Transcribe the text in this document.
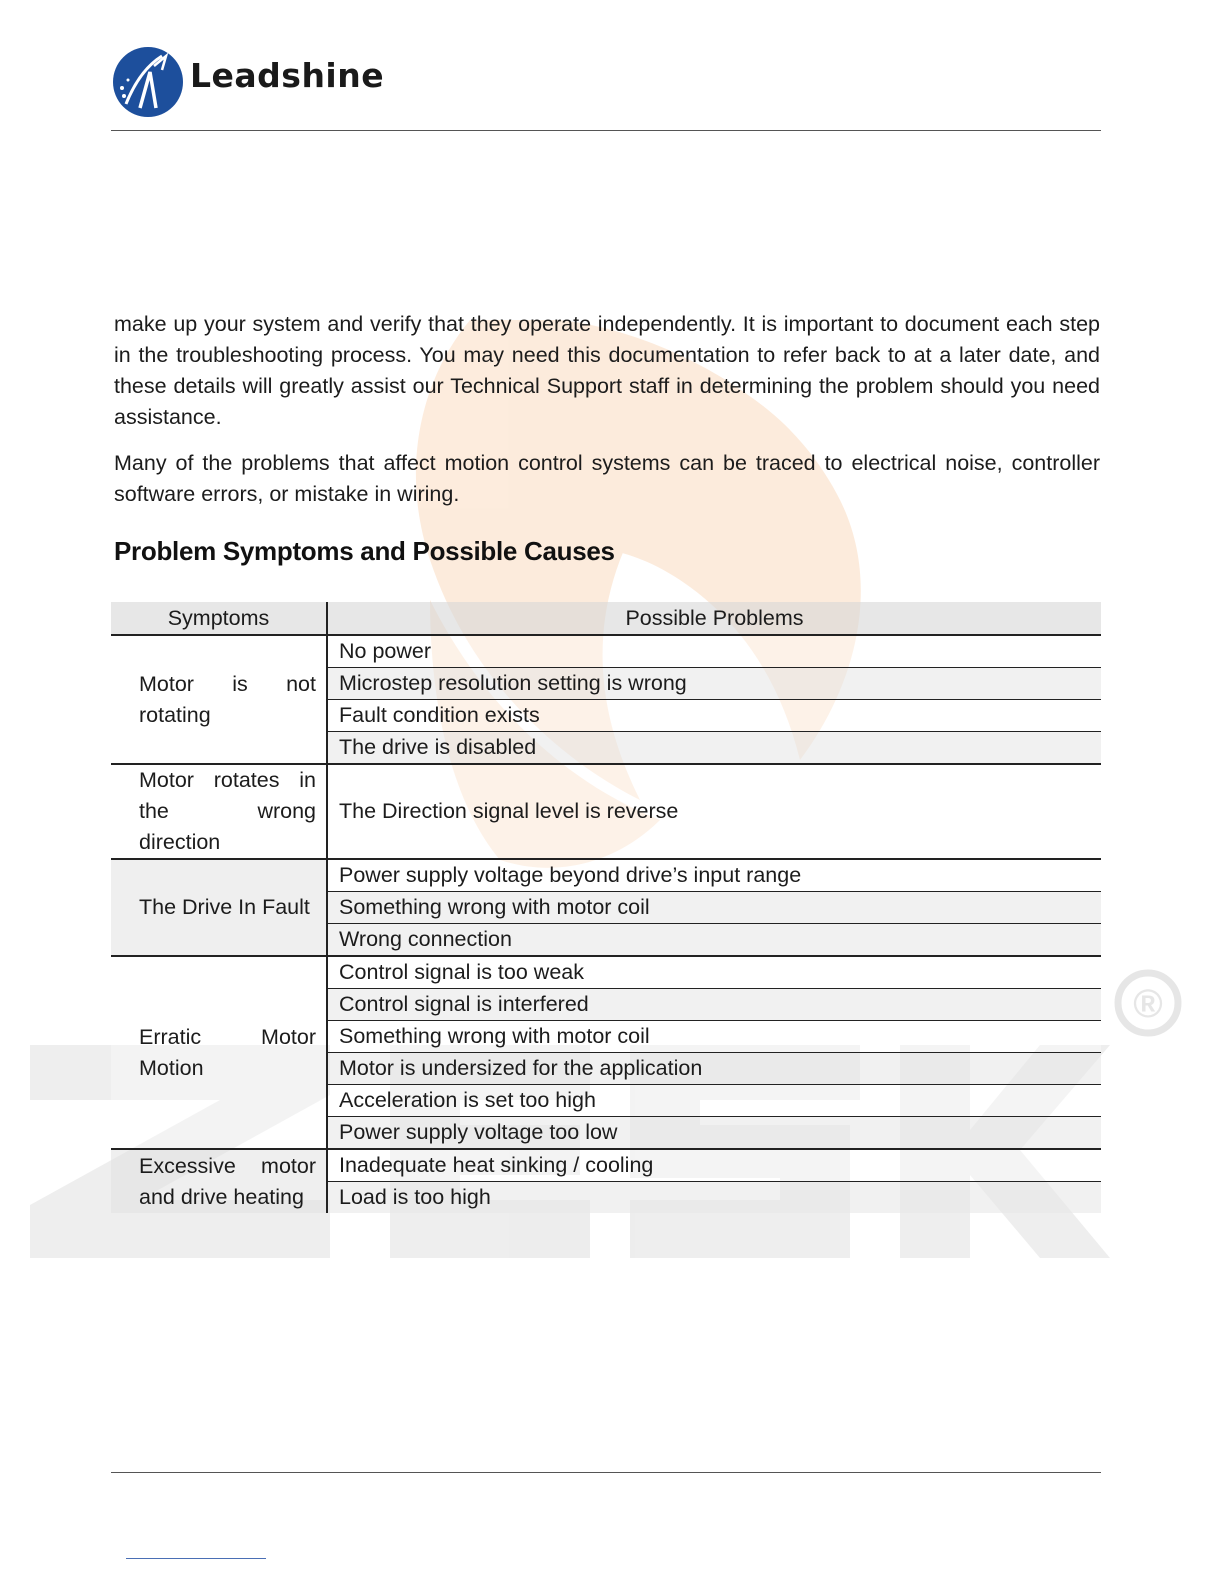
®
Leadshine
make up your system and verify that they operate independently. It is important to document each step in the troubleshooting process. You may need this documentation to refer back to at a later date, and these details will greatly assist our Technical Support staff in determining the problem should you need assistance.
Many of the problems that affect motion control systems can be traced to electrical noise, controller software errors, or mistake in wiring.
Problem Symptoms and Possible Causes
Symptoms	Possible Problems
Motor is not rotating	No power
	Microstep resolution setting is wrong
	Fault condition exists
	The drive is disabled
Motor rotates in the wrong direction	The Direction signal level is reverse
The Drive In Fault	Power supply voltage beyond drive’s input range
	Something wrong with motor coil
	Wrong connection
Erratic Motor Motion	Control signal is too weak
	Control signal is interfered
	Something wrong with motor coil
	Motor is undersized for the application
	Acceleration is set too high
	Power supply voltage too low
Excessive motor and drive heating	Inadequate heat sinking / cooling
	Load is too high
